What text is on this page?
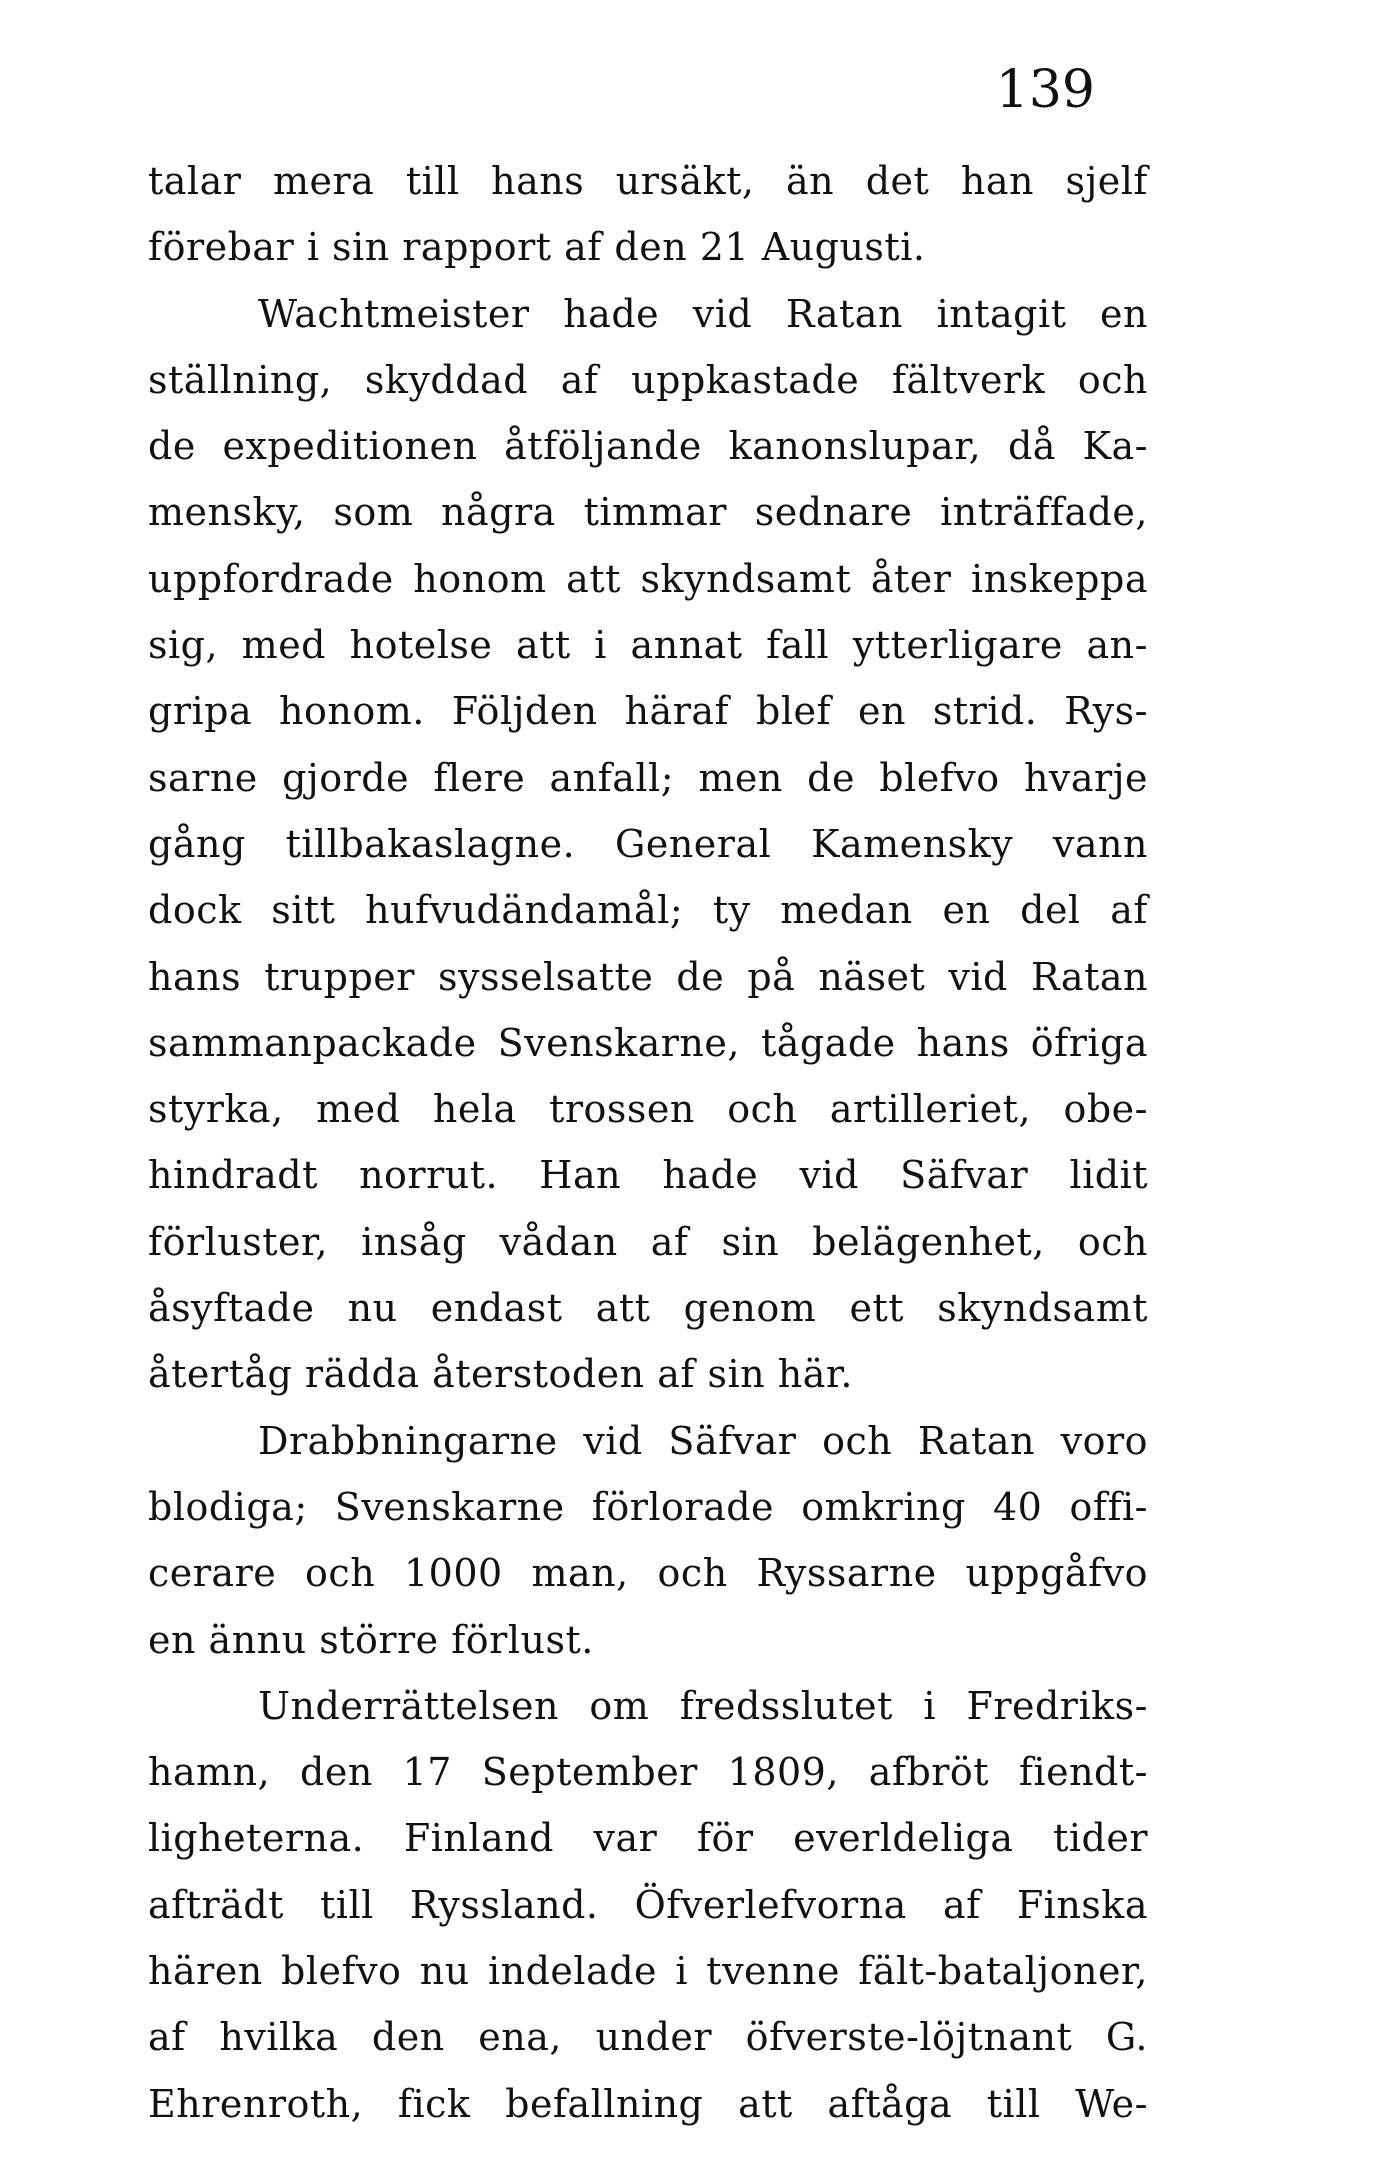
139
talar mera till hans ursäkt, än det han sjelf
förebar i sin rapport af den 21 Augusti.
Wachtmeister hade vid Ratan intagit en
ställning, skyddad af uppkastade fältverk och
de expeditionen åtföljande kanonslupar, då Ka-
mensky, som några timmar sednare inträffade,
uppfordrade honom att skyndsamt åter inskeppa
sig, med hotelse att i annat fall ytterligare an-
gripa honom. Följden häraf blef en strid. Rys-
sarne gjorde flere anfall; men de blefvo hvarje
gång tillbakaslagne. General Kamensky vann
dock sitt hufvudändamål; ty medan en del af
hans trupper sysselsatte de på näset vid Ratan
sammanpackade Svenskarne, tågade hans öfriga
styrka, med hela trossen och artilleriet, obe-
hindradt norrut. Han hade vid Säfvar lidit
förluster, insåg vådan af sin belägenhet, och
åsyftade nu endast att genom ett skyndsamt
återtåg rädda återstoden af sin här.
Drabbningarne vid Säfvar och Ratan voro
blodiga; Svenskarne förlorade omkring 40 offi-
cerare och 1000 man, och Ryssarne uppgåfvo
en ännu större förlust.
Underrättelsen om fredsslutet i Fredriks-
hamn, den 17 September 1809, afbröt fiendt-
ligheterna. Finland var för everldeliga tider
afträdt till Ryssland. Öfverlefvorna af Finska
hären blefvo nu indelade i tvenne fält-bataljoner,
af hvilka den ena, under öfverste-löjtnant G.
Ehrenroth, fick befallning att aftåga till We-
